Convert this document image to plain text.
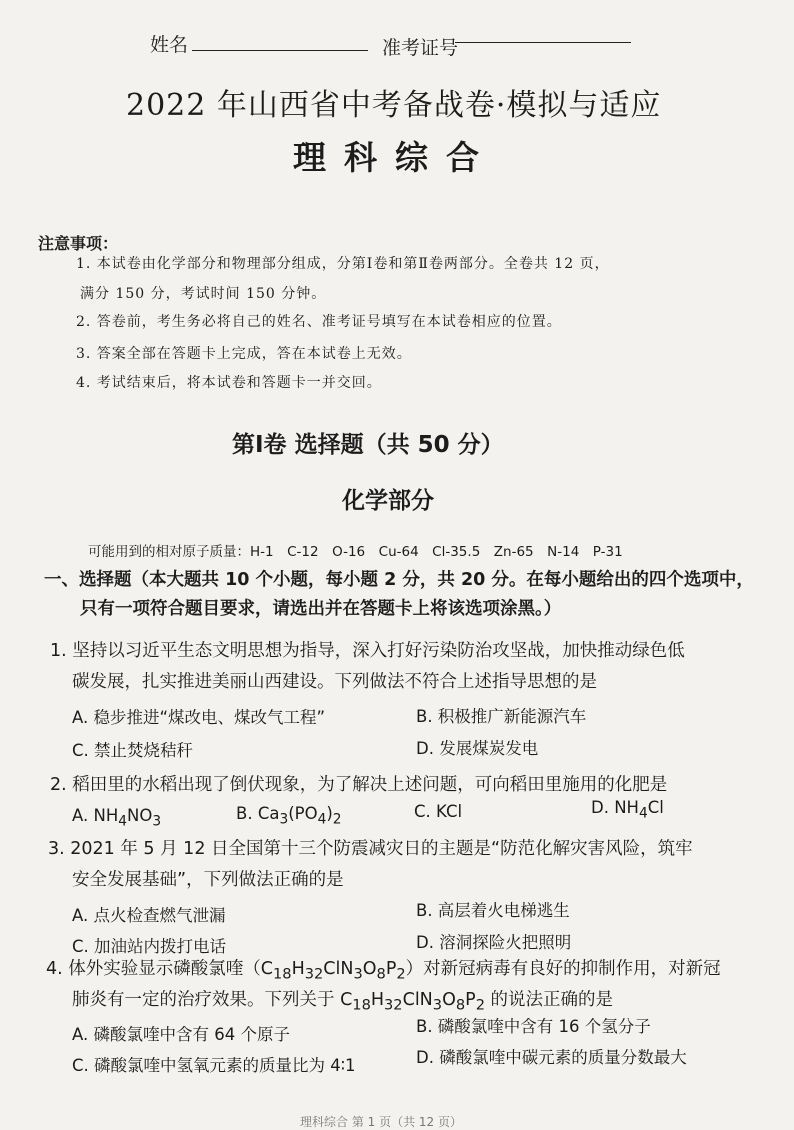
姓名	准考证号
2022 年山西省中考备战卷·模拟与适应
理科综合
注意事项：
1. 本试卷由化学部分和物理部分组成，分第Ⅰ卷和第Ⅱ卷两部分。全卷共 12 页，
满分 150 分，考试时间 150 分钟。
2. 答卷前，考生务必将自己的姓名、准考证号填写在本试卷相应的位置。
3. 答案全部在答题卡上完成，答在本试卷上无效。
4. 考试结束后，将本试卷和答题卡一并交回。
第Ⅰ卷 选择题（共 50 分）
化学部分
可能用到的相对原子质量：H-1　C-12　O-16　Cu-64　Cl-35.5　Zn-65　N-14　P-31
一、选择题（本大题共 10 个小题，每小题 2 分，共 20 分。在每小题给出的四个选项中，
只有一项符合题目要求，请选出并在答题卡上将该选项涂黑。）
1. 坚持以习近平生态文明思想为指导，深入打好污染防治攻坚战，加快推动绿色低
碳发展，扎实推进美丽山西建设。下列做法不符合上述指导思想的是
A. 稳步推进“煤改电、煤改气工程”	B. 积极推广新能源汽车
C. 禁止焚烧秸秆	D. 发展煤炭发电
2. 稻田里的水稻出现了倒伏现象，为了解决上述问题，可向稻田里施用的化肥是
A. $NH_4NO_3$	B. $Ca_3(PO_4)_2$	C. KCl	D. $NH_4Cl$
3. 2021 年 5 月 12 日全国第十三个防震减灾日的主题是“防范化解灾害风险，筑牢
安全发展基础”，下列做法正确的是
A. 点火检查燃气泄漏	B. 高层着火电梯逃生
C. 加油站内拨打电话	D. 溶洞探险火把照明
4. 体外实验显示磷酸氯喹$(C_{18}H_{32}ClN_3O_8P_2)$对新冠病毒有良好的抑制作用，对新冠
肺炎有一定的治疗效果。下列关于 $C_{18}H_{32}ClN_3O_8P_2$ 的说法正确的是
A. 磷酸氯喹中含有 64 个原子	B. 磷酸氯喹中含有 16 个氢分子
C. 磷酸氯喹中氢氧元素的质量比为 4∶1	D. 磷酸氯喹中碳元素的质量分数最大
理科综合 第 1 页（共 12 页）
